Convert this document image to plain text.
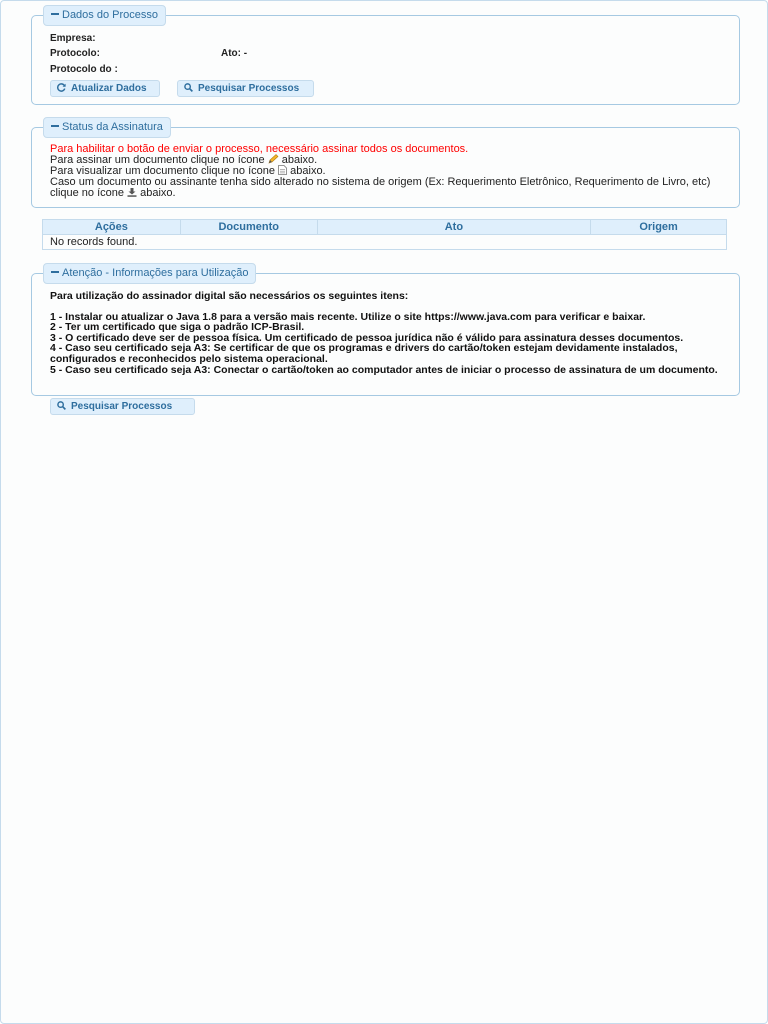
Dados do Processo
Empresa:
Protocolo:	Ato: -
Protocolo do :
Atualizar Dados	Pesquisar Processos
Status da Assinatura
Para habilitar o botão de enviar o processo, necessário assinar todos os documentos.
Para assinar um documento clique no ícone abaixo.
Para visualizar um documento clique no ícone abaixo.
Caso um documento ou assinante tenha sido alterado no sistema de origem (Ex: Requerimento Eletrônico, Requerimento de Livro, etc)
clique no ícone abaixo.
Ações	Documento	Ato	Origem
No records found.
Atenção - Informações para Utilização

Para utilização do assinador digital são necessários os seguintes itens:

1 - Instalar ou atualizar o Java 1.8 para a versão mais recente. Utilize o site https://www.java.com para verificar e baixar.

2 - Ter um certificado que siga o padrão ICP-Brasil.

3 - O certificado deve ser de pessoa física. Um certificado de pessoa jurídica não é válido para assinatura desses documentos.

4 - Caso seu certificado seja A3: Se certificar de que os programas e drivers do cartão/token estejam devidamente instalados, configurados e reconhecidos pelo sistema operacional.

5 - Caso seu certificado seja A3: Conectar o cartão/token ao computador antes de iniciar o processo de assinatura de um documento.

Pesquisar Processos
